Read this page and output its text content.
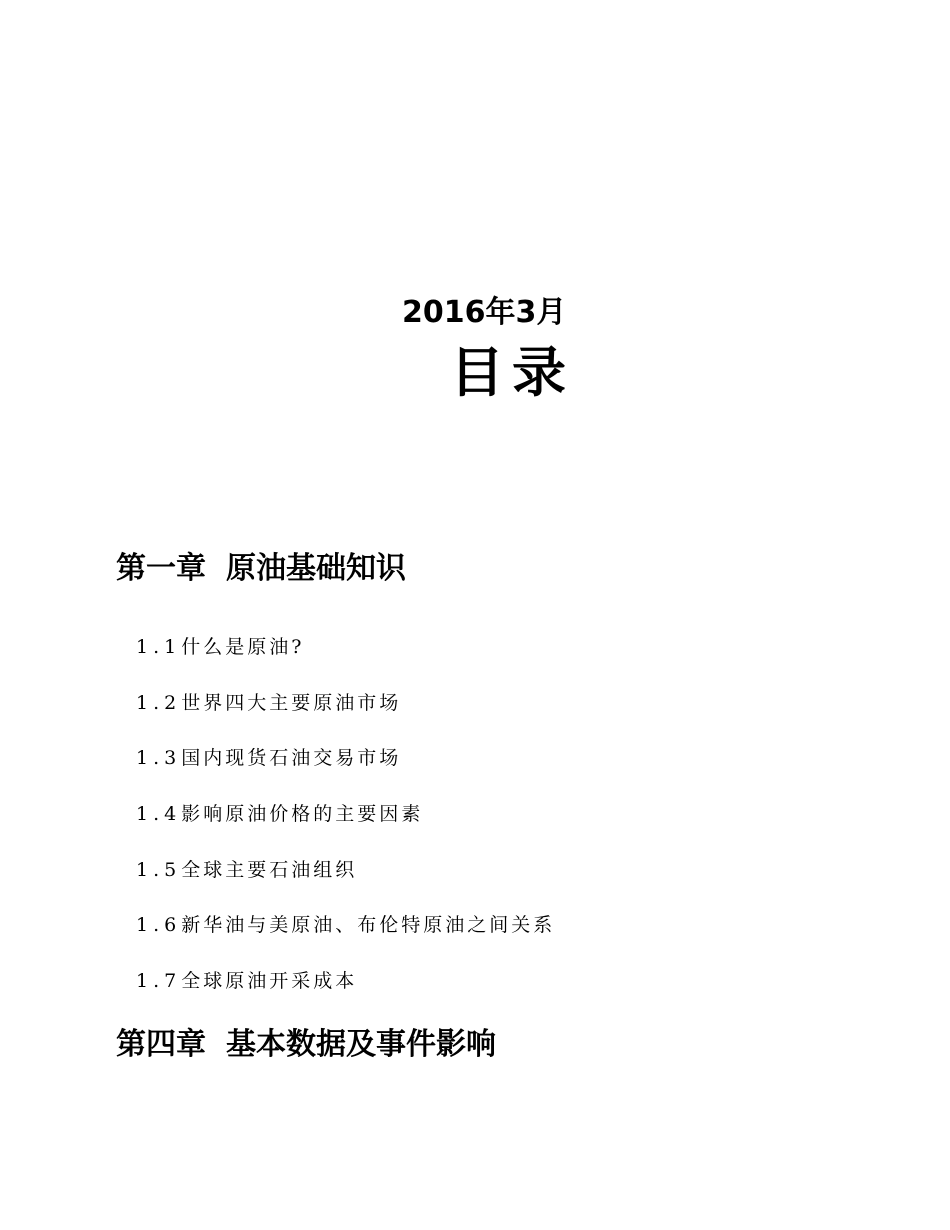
2016年3月
目录
第一章 原油基础知识
1.1什么是原油?
1.2世界四大主要原油市场
1.3国内现货石油交易市场
1.4影响原油价格的主要因素
1.5全球主要石油组织
1.6新华油与美原油、布伦特原油之间关系
1.7全球原油开采成本
第四章 基本数据及事件影响
